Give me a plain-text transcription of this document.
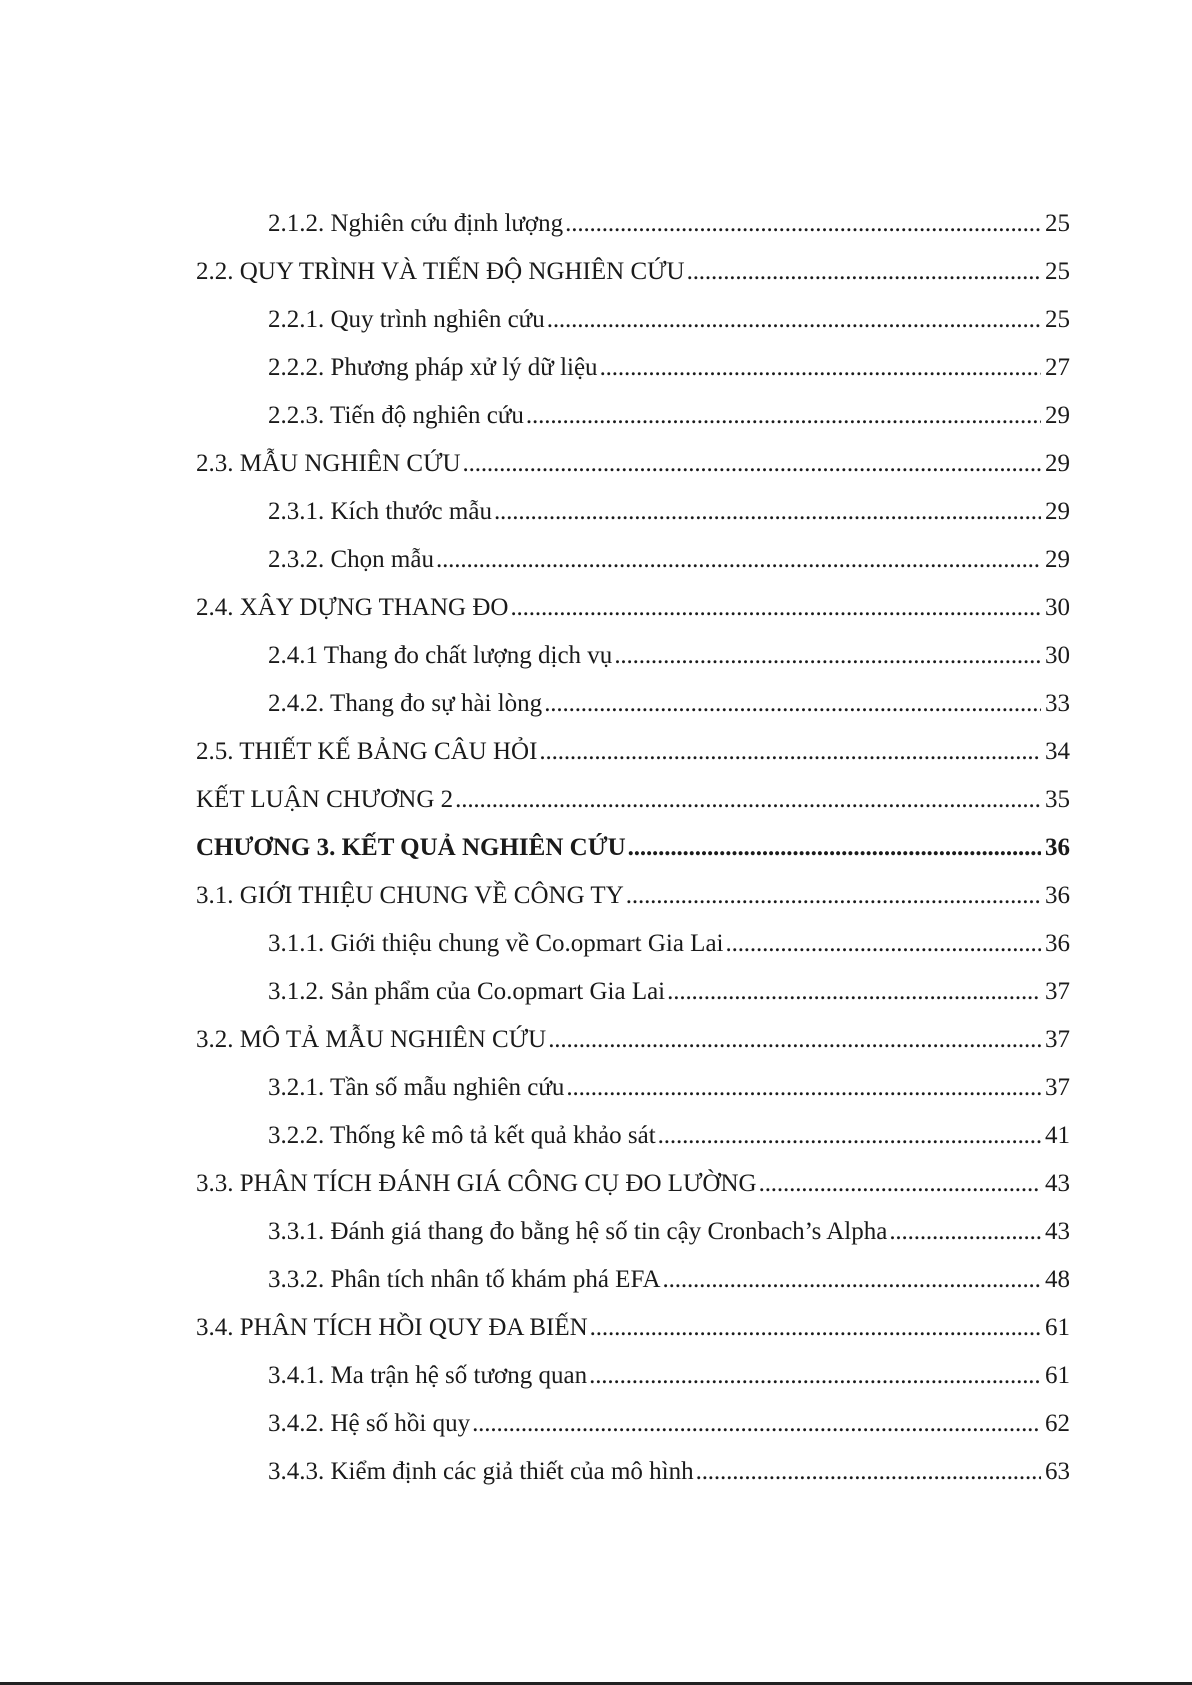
2.1.2. Nghiên cứu định lượng . . .	25
2.2. QUY TRÌNH VÀ TIẾN ĐỘ NGHIÊN CỨU . . .	25
2.2.1. Quy trình nghiên cứu . . .	25
2.2.2. Phương pháp xử lý dữ liệu . . .	27
2.2.3. Tiến độ nghiên cứu . . .	29
2.3. MẪU NGHIÊN CỨU . . .	29
2.3.1. Kích thước mẫu . . .	29
2.3.2. Chọn mẫu . . .	29
2.4. XÂY DỰNG THANG ĐO . . .	30
2.4.1 Thang đo chất lượng dịch vụ . . .	30
2.4.2. Thang đo sự hài lòng . . .	33
2.5. THIẾT KẾ BẢNG CÂU HỎI . . .	34
KẾT LUẬN CHƯƠNG 2 . . .	35
CHƯƠNG 3. KẾT QUẢ NGHIÊN CỨU . . .	36
3.1. GIỚI THIỆU CHUNG VỀ CÔNG TY . . .	36
3.1.1. Giới thiệu chung về Co.opmart Gia Lai . . .	36
3.1.2. Sản phẩm của Co.opmart Gia Lai . . .	37
3.2. MÔ TẢ MẪU NGHIÊN CỨU . . .	37
3.2.1. Tần số mẫu nghiên cứu . . .	37
3.2.2. Thống kê mô tả kết quả khảo sát . . .	41
3.3. PHÂN TÍCH ĐÁNH GIÁ CÔNG CỤ ĐO LƯỜNG . . .	43
3.3.1. Đánh giá thang đo bằng hệ số tin cậy Cronbach’s Alpha . . .	43
3.3.2. Phân tích nhân tố khám phá EFA . . .	48
3.4. PHÂN TÍCH HỒI QUY ĐA BIẾN . . .	61
3.4.1. Ma trận hệ số tương quan . . .	61
3.4.2. Hệ số hồi quy . . .	62
3.4.3. Kiểm định các giả thiết của mô hình . . .	63
